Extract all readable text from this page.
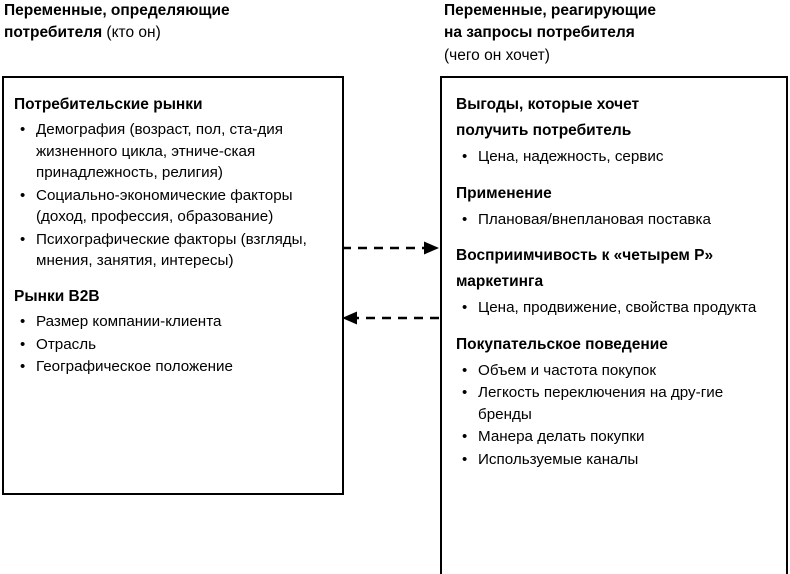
Переменные, определяющие
потребителя (кто он)
Переменные, реагирующие
на запросы потребителя
(чего он хочет)
Потребительские рынки
• Демография (возраст, пол, ста-дия жизненного цикла, этниче-ская принадлежность, религия)
• Социально-экономические факторы (доход, профессия, образование)
• Психографические факторы (взгляды, мнения, занятия, интересы)
Рынки B2B
• Размер компании-клиента
• Отрасль
• Географическое положение
Выгоды, которые хочет
получить потребитель
• Цена, надежность, сервис
Применение
• Плановая/внеплановая поставка
Восприимчивость к «четырем P»
маркетинга
• Цена, продвижение, свойства продукта
Покупательское поведение
• Объем и частота покупок
• Легкость переключения на дру-гие бренды
• Манера делать покупки
• Используемые каналы
